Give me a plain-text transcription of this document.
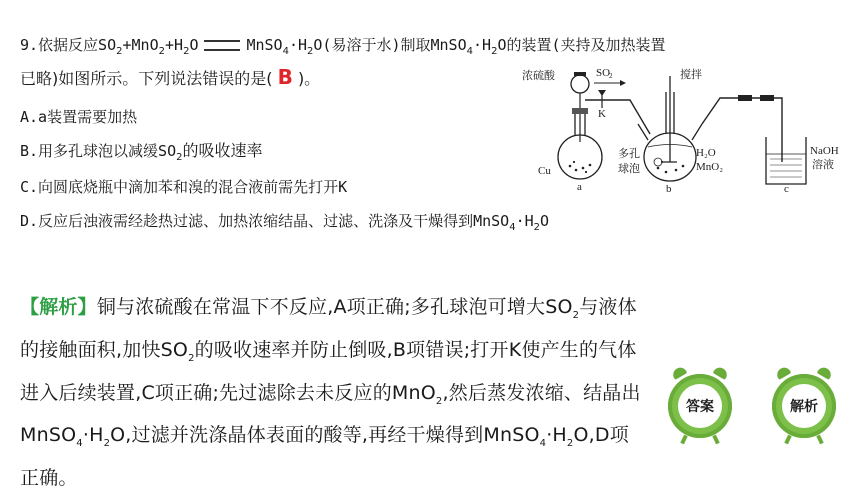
9.依据反应$SO_2+MnO_2+H_2O$	$MnSO_4\cdot H_2O$(易溶于水)制取$MnSO_4\cdot H_2O$的装置(夹持及加热装置
已略)如图所示。下列说法错误的是( B )。
A.a装置需要加热
B.用多孔球泡以减缓$SO_2$的吸收速率
C.向圆底烧瓶中滴加苯和溴的混合液前需先打开K
D.反应后浊液需经趁热过滤、加热浓缩结晶、过滤、洗涤及干燥得到$MnSO_4\cdot H_2O$
浓硫酸
Cu
a
K
SO
2	搅拌
多孔
球泡
H₂O
MnO₂
b
NaOH
溶液
c
【解析】铜与浓硫酸在常温下不反应,A项正确;多孔球泡可增大$SO_2$与液体的接触面积,加快$SO_2$的吸收速率并防止倒吸,B项错误;打开K使产生的气体进入后续装置,C项正确;先过滤除去未反应的MnO$_2$,然后蒸发浓缩、结晶出$MnSO_4\cdot H_2O$,过滤并洗涤晶体表面的酸等,再经干燥得到$MnSO_4\cdot H_2O,D$项正确。
答案	解析
